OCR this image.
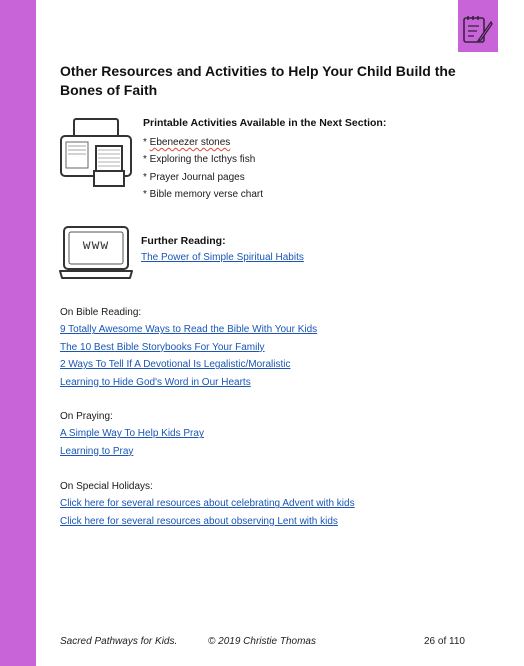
Other Resources and Activities to Help Your Child Build the Bones of Faith
Printable Activities Available in the Next Section:
* Ebeneezer stones
* Exploring the Icthys fish
* Prayer Journal pages
* Bible memory verse chart
www	Further Reading:
The Power of Simple Spiritual Habits
On Bible Reading:
9 Totally Awesome Ways to Read the Bible With Your Kids
The 10 Best Bible Storybooks For Your Family
2 Ways To Tell If A Devotional Is Legalistic/Moralistic
Learning to Hide God's Word in Our Hearts
On Praying:
A Simple Way To Help Kids Pray
Learning to Pray
On Special Holidays:
Click here for several resources about celebrating Advent with kids
Click here for several resources about observing Lent with kids
Sacred Pathways for Kids.	© 2019 Christie Thomas	26 of 110
